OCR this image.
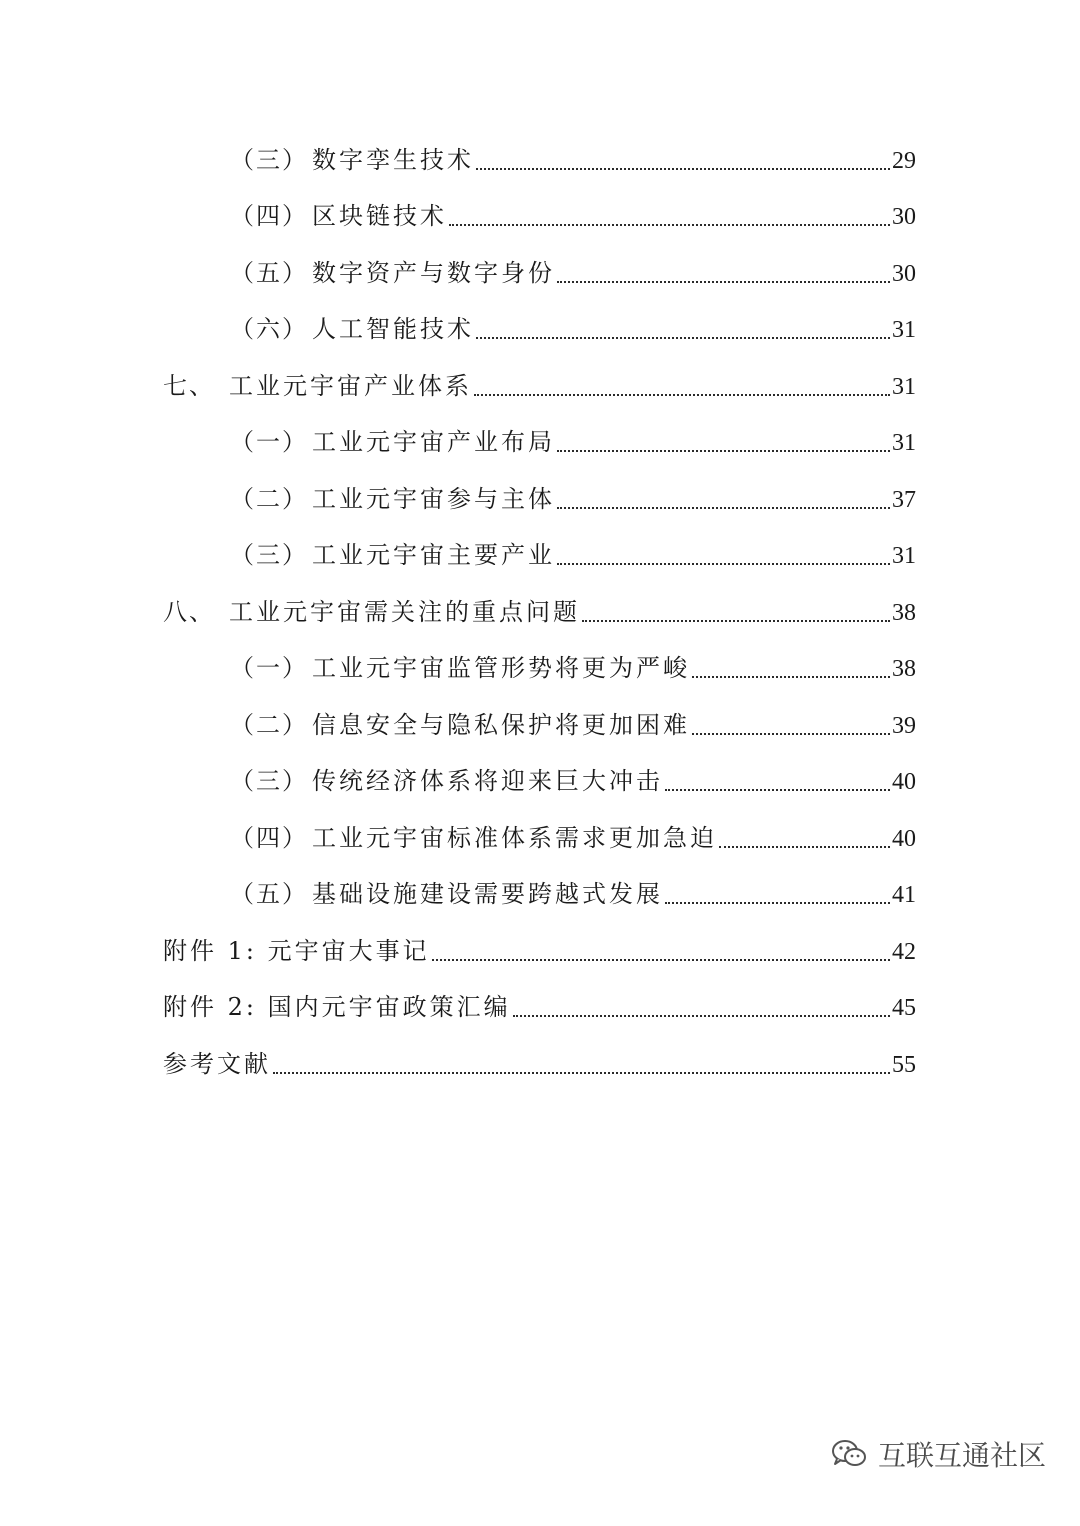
（三） 数字孪生技术	29
（四） 区块链技术	30
（五） 数字资产与数字身份	30
（六） 人工智能技术	31
七、 工业元宇宙产业体系	31
（一） 工业元宇宙产业布局	31
（二） 工业元宇宙参与主体	37
（三） 工业元宇宙主要产业	31
八、 工业元宇宙需关注的重点问题	38
（一） 工业元宇宙监管形势将更为严峻	38
（二） 信息安全与隐私保护将更加困难	39
（三） 传统经济体系将迎来巨大冲击	40
（四） 工业元宇宙标准体系需求更加急迫	40
（五） 基础设施建设需要跨越式发展	41
附件 1: 元宇宙大事记	42
附件 2: 国内元宇宙政策汇编	45
参考文献	55
互联互通社区
